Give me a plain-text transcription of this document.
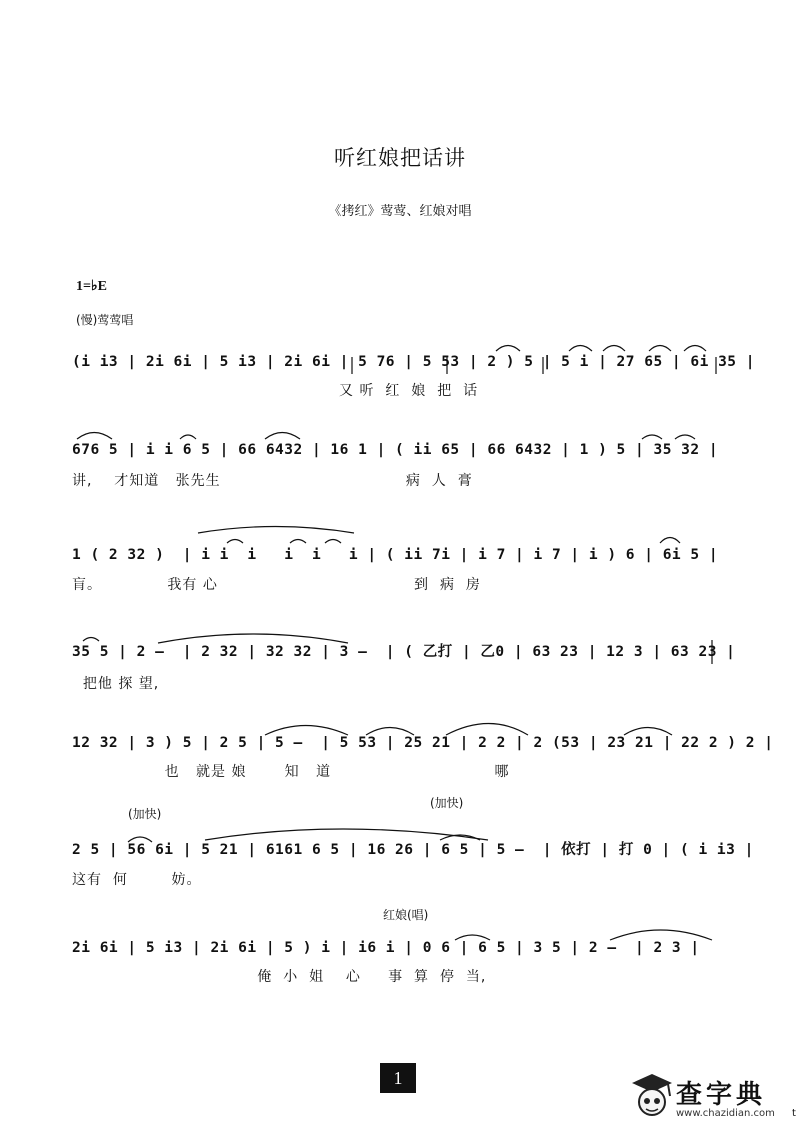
听红娘把话讲
《拷红》莺莺、红娘对唱
1=♭E
(慢)莺莺唱
(i i3 | 2i 6i | 5 i3 | 2i 6i | 5 76 | 5 53 | 2 ) 5 | 5 i | 27 65 | 6i 35 |
又 听  红  娘  把  话
676 5 | i i 6 5 | 66 6432 | 16 1 | ( ii 65 | 66 6432 | 1 ) 5 | 35 32 |
讲,    才知道   张先生                                  病  人  膏
1 ( 2 32 )  | i i  i   i  i   i | ( ii 7i | i 7 | i 7 | i ) 6 | 6i 5 |
肓。            我有 心                                    到  病  房
35 5 | 2 —  | 2 32 | 32 32 | 3 —  | ( 乙打 | 乙0 | 63 23 | 12 3 | 63 23 |
把他 探 望,
12 32 | 3 ) 5 | 2 5 | 5 —  | 5 53 | 25 21 | 2 2 | 2 (53 | 23 21 | 22 2 ) 2 |
也   就是 娘       知   道                              哪
(加快)
(加快)
2 5 | 56 6i | 5 21 | 6161 6 5 | 16 26 | 6 5 | 5 —  | 依打 | 打 0 | ( i i3 |
这有  何        妨。
红娘(唱)
2i 6i | 5 i3 | 2i 6i | 5 ) i | i6 i | 0 6 | 6 5 | 3 5 | 2 —  | 2 3 |
俺  小  姐    心     事  算  停  当,
1
查字典
www.chazidian.com t
